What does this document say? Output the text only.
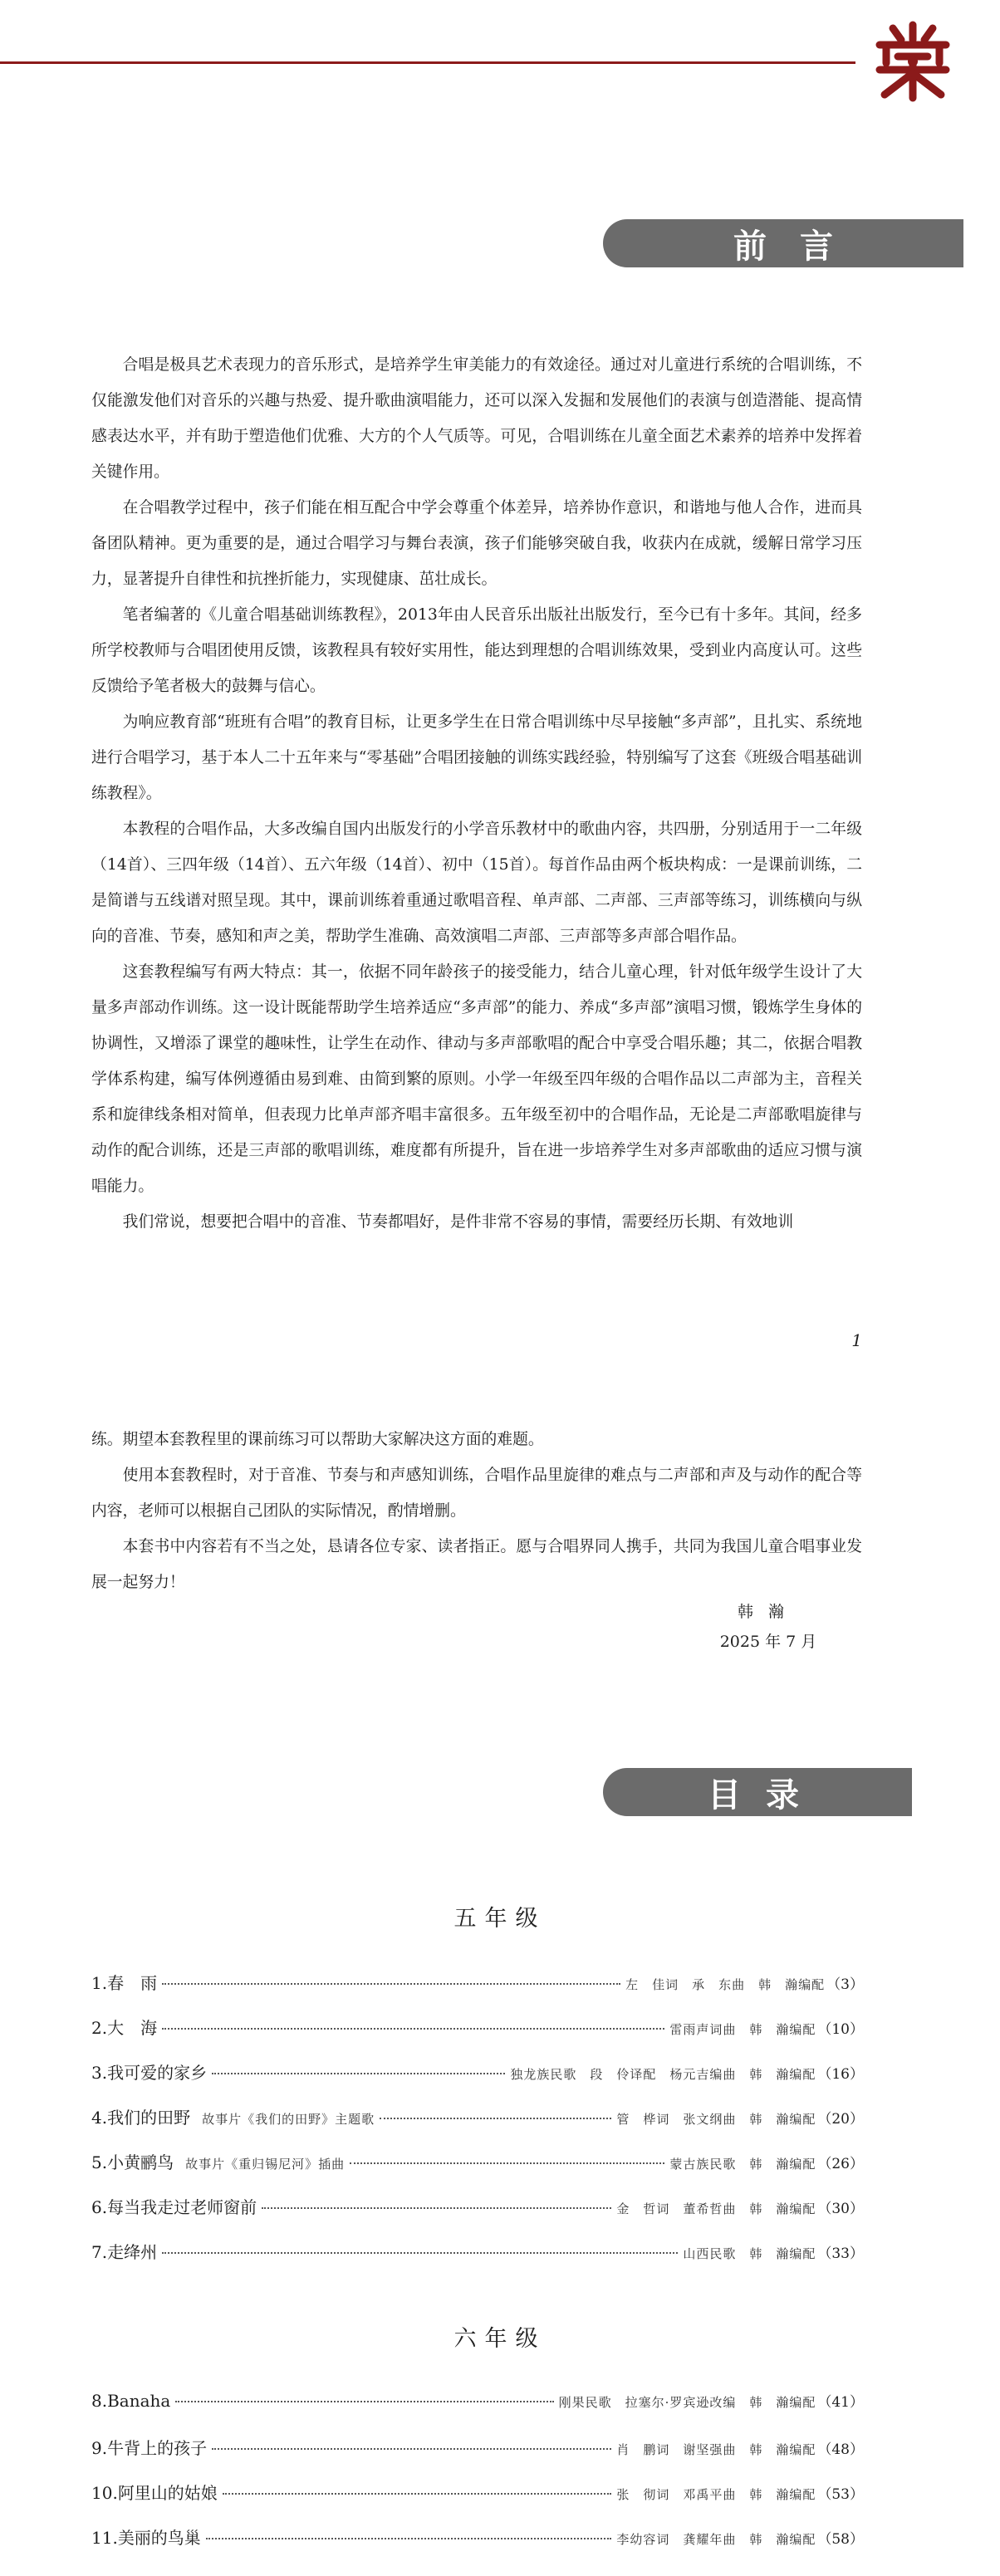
前　言

合唱是极具艺术表现力的音乐形式，是培养学生审美能力的有效途径。通过对儿童进行系统的合唱训练，不仅能激发他们对音乐的兴趣与热爱、提升歌曲演唱能力，还可以深入发掘和发展他们的表演与创造潜能、提高情感表达水平，并有助于塑造他们优雅、大方的个人气质等。可见，合唱训练在儿童全面艺术素养的培养中发挥着关键作用。

在合唱教学过程中，孩子们能在相互配合中学会尊重个体差异，培养协作意识，和谐地与他人合作，进而具备团队精神。更为重要的是，通过合唱学习与舞台表演，孩子们能够突破自我，收获内在成就，缓解日常学习压力，显著提升自律性和抗挫折能力，实现健康、茁壮成长。

笔者编著的《儿童合唱基础训练教程》，2013年由人民音乐出版社出版发行，至今已有十多年。其间，经多所学校教师与合唱团使用反馈，该教程具有较好实用性，能达到理想的合唱训练效果，受到业内高度认可。这些反馈给予笔者极大的鼓舞与信心。

为响应教育部“班班有合唱”的教育目标，让更多学生在日常合唱训练中尽早接触“多声部”，且扎实、系统地进行合唱学习，基于本人二十五年来与“零基础”合唱团接触的训练实践经验，特别编写了这套《班级合唱基础训练教程》。

本教程的合唱作品，大多改编自国内出版发行的小学音乐教材中的歌曲内容，共四册，分别适用于一二年级（14首）、三四年级（14首）、五六年级（14首）、初中（15首）。每首作品由两个板块构成：一是课前训练，二是简谱与五线谱对照呈现。其中，课前训练着重通过歌唱音程、单声部、二声部、三声部等练习，训练横向与纵向的音准、节奏，感知和声之美，帮助学生准确、高效演唱二声部、三声部等多声部合唱作品。

这套教程编写有两大特点：其一，依据不同年龄孩子的接受能力，结合儿童心理，针对低年级学生设计了大量多声部动作训练。这一设计既能帮助学生培养适应“多声部”的能力、养成“多声部”演唱习惯，锻炼学生身体的协调性，又增添了课堂的趣味性，让学生在动作、律动与多声部歌唱的配合中享受合唱乐趣；其二，依据合唱教学体系构建，编写体例遵循由易到难、由简到繁的原则。小学一年级至四年级的合唱作品以二声部为主，音程关系和旋律线条相对简单，但表现力比单声部齐唱丰富很多。五年级至初中的合唱作品，无论是二声部歌唱旋律与动作的配合训练，还是三声部的歌唱训练，难度都有所提升，旨在进一步培养学生对多声部歌曲的适应习惯与演唱能力。

我们常说，想要把合唱中的音准、节奏都唱好，是件非常不容易的事情，需要经历长期、有效地训

1

练。期望本套教程里的课前练习可以帮助大家解决这方面的难题。

使用本套教程时，对于音准、节奏与和声感知训练，合唱作品里旋律的难点与二声部和声及与动作的配合等内容，老师可以根据自己团队的实际情况，酌情增删。

本套书中内容若有不当之处，恳请各位专家、读者指正。愿与合唱界同人携手，共同为我国儿童合唱事业发展一起努力！

韩瀚
2025 年 7 月
目录
五年级
1. 春　雨	左　佳词　承　东曲　韩　瀚编配 （3）
2. 大　海	雷雨声词曲　韩　瀚编配 （10）
3. 我可爱的家乡	独龙族民歌　段　伶译配　杨元吉编曲　韩　瀚编配 （16）
4. 我们的田野 故事片《我们的田野》主题歌	管　桦词　张文纲曲　韩　瀚编配 （20）
5. 小黄鹂鸟 故事片《重归锡尼河》插曲	蒙古族民歌　韩　瀚编配 （26）
6. 每当我走过老师窗前	金　哲词　董希哲曲　韩　瀚编配 （30）
7. 走绛州	山西民歌　韩　瀚编配 （33）
六年级
8. Banaha	刚果民歌　拉塞尔·罗宾逊改编　韩　瀚编配 （41）
9. 牛背上的孩子	肖　鹏词　谢坚强曲　韩　瀚编配 （48）
10. 阿里山的姑娘	张　彻词　邓禹平曲　韩　瀚编配 （53）
11. 美丽的鸟巢	李幼容词　龚耀年曲　韩　瀚编配 （58）
